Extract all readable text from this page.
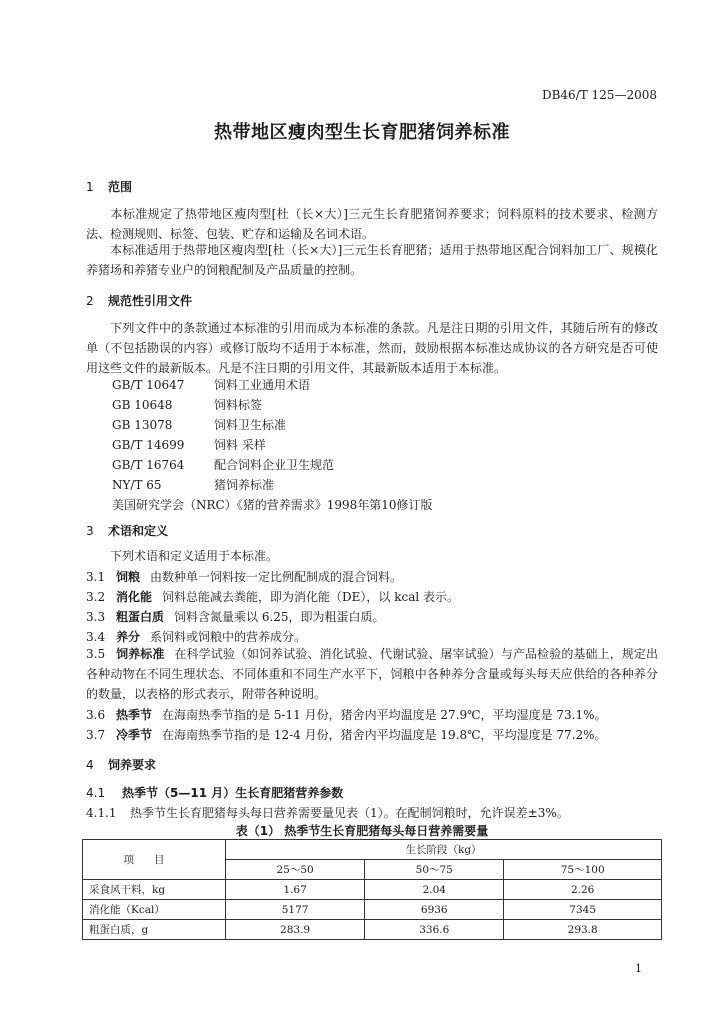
DB46/T 125—2008
热带地区瘦肉型生长育肥猪饲养标准
1 范围
本标准规定了热带地区瘦肉型[杜（长×大）]三元生长育肥猪饲养要求；饲料原料的技术要求、检测方法、检测规则、标签、包装、贮存和运输及名词术语。
本标准适用于热带地区瘦肉型[杜（长×大）]三元生长育肥猪；适用于热带地区配合饲料加工厂、规模化养猪场和养猪专业户的饲粮配制及产品质量的控制。
2 规范性引用文件
下列文件中的条款通过本标准的引用而成为本标准的条款。凡是注日期的引用文件，其随后所有的修改单（不包括勘误的内容）或修订版均不适用于本标准，然而，鼓励根据本标准达成协议的各方研究是否可使用这些文件的最新版本。凡是不注日期的引用文件，其最新版本适用于本标准。
GB/T 10647 饲料工业通用术语
GB 10648	饲料标签
GB 13078	饲料卫生标准
GB/T 14699 饲料 采样
GB/T 16764 配合饲料企业卫生规范
NY/T 65	猪饲养标准
美国研究学会（NRC）《猪的营养需求》1998年第10修订版
3 术语和定义
下列术语和定义适用于本标准。
3.1 饲粮 由数种单一饲料按一定比例配制成的混合饲料。
3.2 消化能 饲料总能减去粪能，即为消化能（DE），以 kcal 表示。
3.3 粗蛋白质 饲料含氮量乘以 6.25，即为粗蛋白质。
3.4 养分 系饲料或饲粮中的营养成分。
3.5 饲养标准 在科学试验（如饲养试验、消化试验、代谢试验、屠宰试验）与产品检验的基础上，规定出各种动物在不同生理状态、不同体重和不同生产水平下，饲粮中各种养分含量或每头每天应供给的各种养分的数量，以表格的形式表示，附带各种说明。
3.6 热季节 在海南热季节指的是 5-11 月份，猪舍内平均温度是 27.9℃，平均湿度是 73.1%。
3.7 冷季节 在海南热季节指的是 12-4 月份，猪舍内平均温度是 19.8℃，平均湿度是 77.2%。
4 饲养要求
4.1 热季节（5—11 月）生长育肥猪营养参数
4.1.1 热季节生长育肥猪每头每日营养需要量见表（1）。在配制饲粮时，允许误差±3%。
表（1） 热季节生长育肥猪每头每日营养需要量
项目	生长阶段（kg）		
	25～50	50～75	75～100
采食风干料，kg	1.67	2.04	2.26
消化能（Kcal）	5177	6936	7345
粗蛋白质，g	283.9	336.6	293.8
1
